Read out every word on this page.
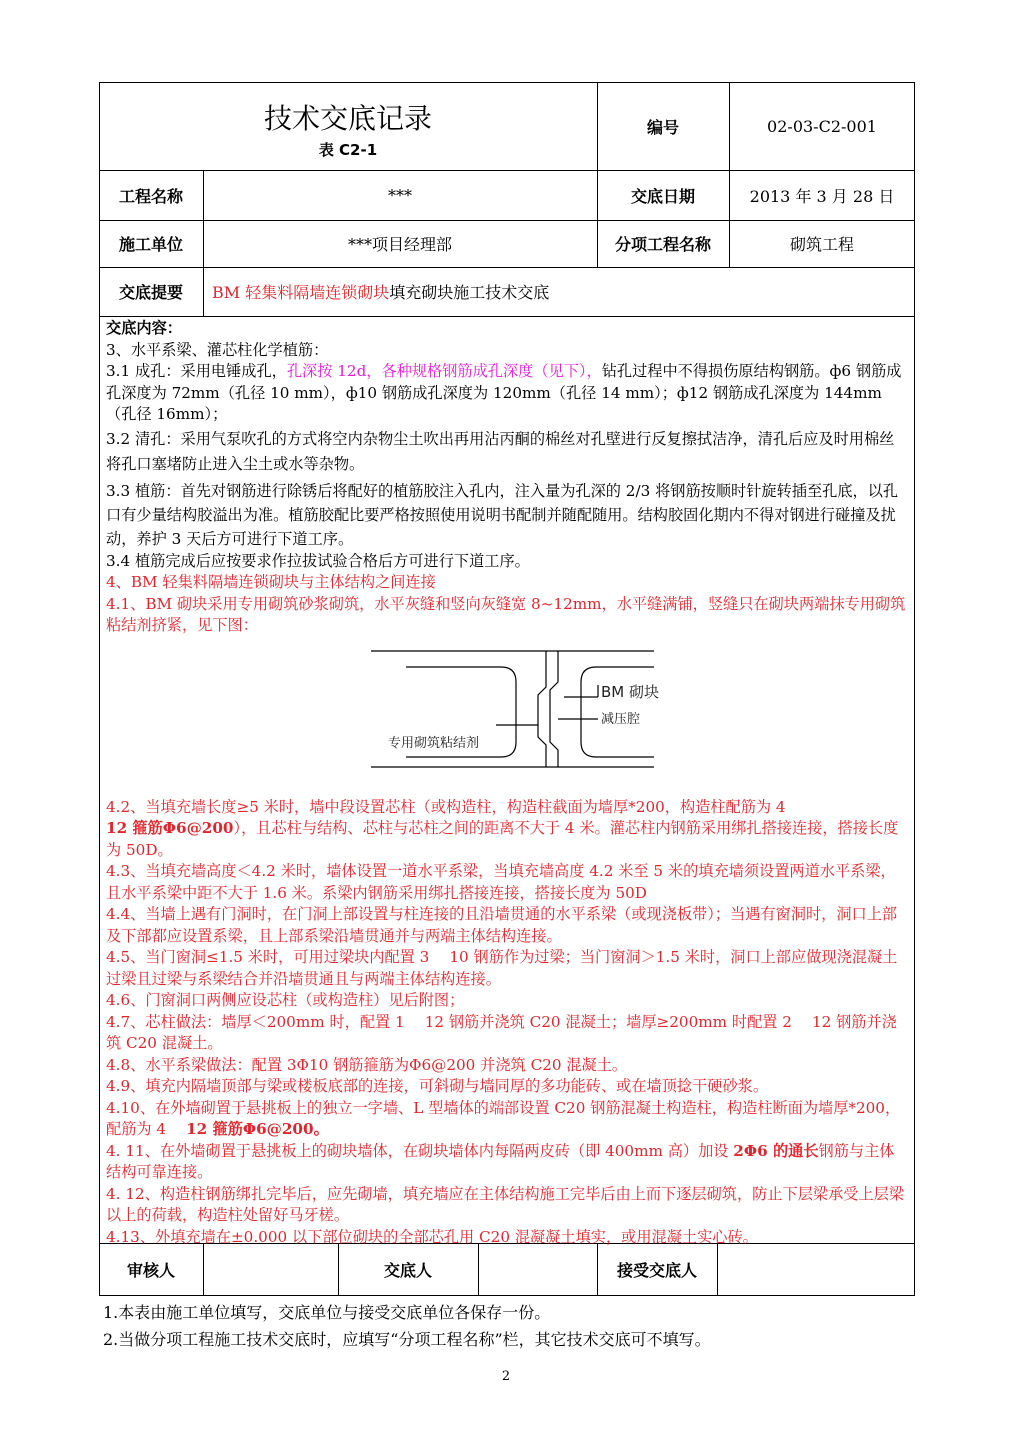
技术交底记录
表 C2-1
编号	02-03-C2-001
工程名称	***	交底日期	2013 年 3 月 28 日
施工单位	***项目经理部	分项工程名称	砌筑工程
交底提要	BM 轻集料隔墙连锁砌块 填充砌块施工技术交底

交底内容：

3、水平系梁、灌芯柱化学植筋：

3.1 成孔：采用电锤成孔，孔深按 12d，各种规格钢筋成孔深度（见下），钻孔过程中不得损伤原结构钢筋。ф6 钢筋成孔深度为 72mm（孔径 10 mm），ф10 钢筋成孔深度为 120mm（孔径 14 mm）；ф12 钢筋成孔深度为 144mm（孔径 16mm）；

3.2 清孔：采用气泵吹孔的方式将空内杂物尘土吹出再用沾丙酮的棉丝对孔壁进行反复擦拭洁净，清孔后应及时用棉丝将孔口塞堵防止进入尘土或水等杂物。

3.3 植筋：首先对钢筋进行除锈后将配好的植筋胶注入孔内，注入量为孔深的 2/3 将钢筋按顺时针旋转插至孔底，以孔口有少量结构胶溢出为准。植筋胶配比要严格按照使用说明书配制并随配随用。结构胶固化期内不得对钢进行碰撞及扰动，养护 3 天后方可进行下道工序。

3.4 植筋完成后应按要求作拉拔试验合格后方可进行下道工序。

4、BM 轻集料隔墙连锁砌块与主体结构之间连接

4.1、BM 砌块采用专用砌筑砂浆砌筑，水平灰缝和竖向灰缝宽 8~12mm，水平缝满铺，竖缝只在砌块两端抹专用砌筑粘结剂挤紧，见下图：

BM 砌块
减压腔
专用砌筑粘结剂

4.2、当填充墙长度≥5 米时，墙中段设置芯柱（或构造柱，构造柱截面为墙厚*200，构造柱配筋为 4
12 箍筋Φ6@200），且芯柱与结构、芯柱与芯柱之间的距离不大于 4 米。灌芯柱内钢筋采用绑扎搭接连接，搭接长度为 50D。

4.3、当填充墙高度＜4.2 米时，墙体设置一道水平系梁，当填充墙高度 4.2 米至 5 米的填充墙须设置两道水平系梁，且水平系梁中距不大于 1.6 米。系梁内钢筋采用绑扎搭接连接，搭接长度为 50D

4.4、当墙上遇有门洞时，在门洞上部设置与柱连接的且沿墙贯通的水平系梁（或现浇板带）；当遇有窗洞时，洞口上部及下部都应设置系梁，且上部系梁沿墙贯通并与两端主体结构连接。

4.5、当门窗洞≤1.5 米时，可用过梁块内配置 3　 10 钢筋作为过梁；当门窗洞＞1.5 米时，洞口上部应做现浇混凝土过梁且过梁与系梁结合并沿墙贯通且与两端主体结构连接。

4.6、门窗洞口两侧应设芯柱（或构造柱）见后附图；

4.7、芯柱做法：墙厚＜200mm 时，配置 1　 12 钢筋并浇筑 C20 混凝土；墙厚≥200mm 时配置 2　 12 钢筋并浇筑 C20 混凝土。

4.8、水平系梁做法：配置 3Φ10 钢筋箍筋为Φ6@200 并浇筑 C20 混凝土。

4.9、填充内隔墙顶部与梁或楼板底部的连接，可斜砌与墙同厚的多功能砖、或在墙顶捻干硬砂浆。

4.10、在外墙砌置于悬挑板上的独立一字墙、L 型墙体的端部设置 C20 钢筋混凝土构造柱，构造柱断面为墙厚*200，配筋为 4　 12 箍筋Φ6@200。

4. 11、在外墙砌置于悬挑板上的砌块墙体，在砌块墙体内每隔两皮砖（即 400mm 高）加设 2Φ6 的通长钢筋与主体结构可靠连接。

4. 12、构造柱钢筋绑扎完毕后，应先砌墙，填充墙应在主体结构施工完毕后由上而下逐层砌筑，防止下层梁承受上层梁以上的荷载，构造柱处留好马牙槎。

4.13、外填充墙在±0.000 以下部位砌块的全部芯孔用 C20 混凝凝土填实，或用混凝土实心砖。

审核人	交底人	接受交底人

1.本表由施工单位填写，交底单位与接受交底单位各保存一份。

2.当做分项工程施工技术交底时，应填写“分项工程名称”栏，其它技术交底可不填写。

2
